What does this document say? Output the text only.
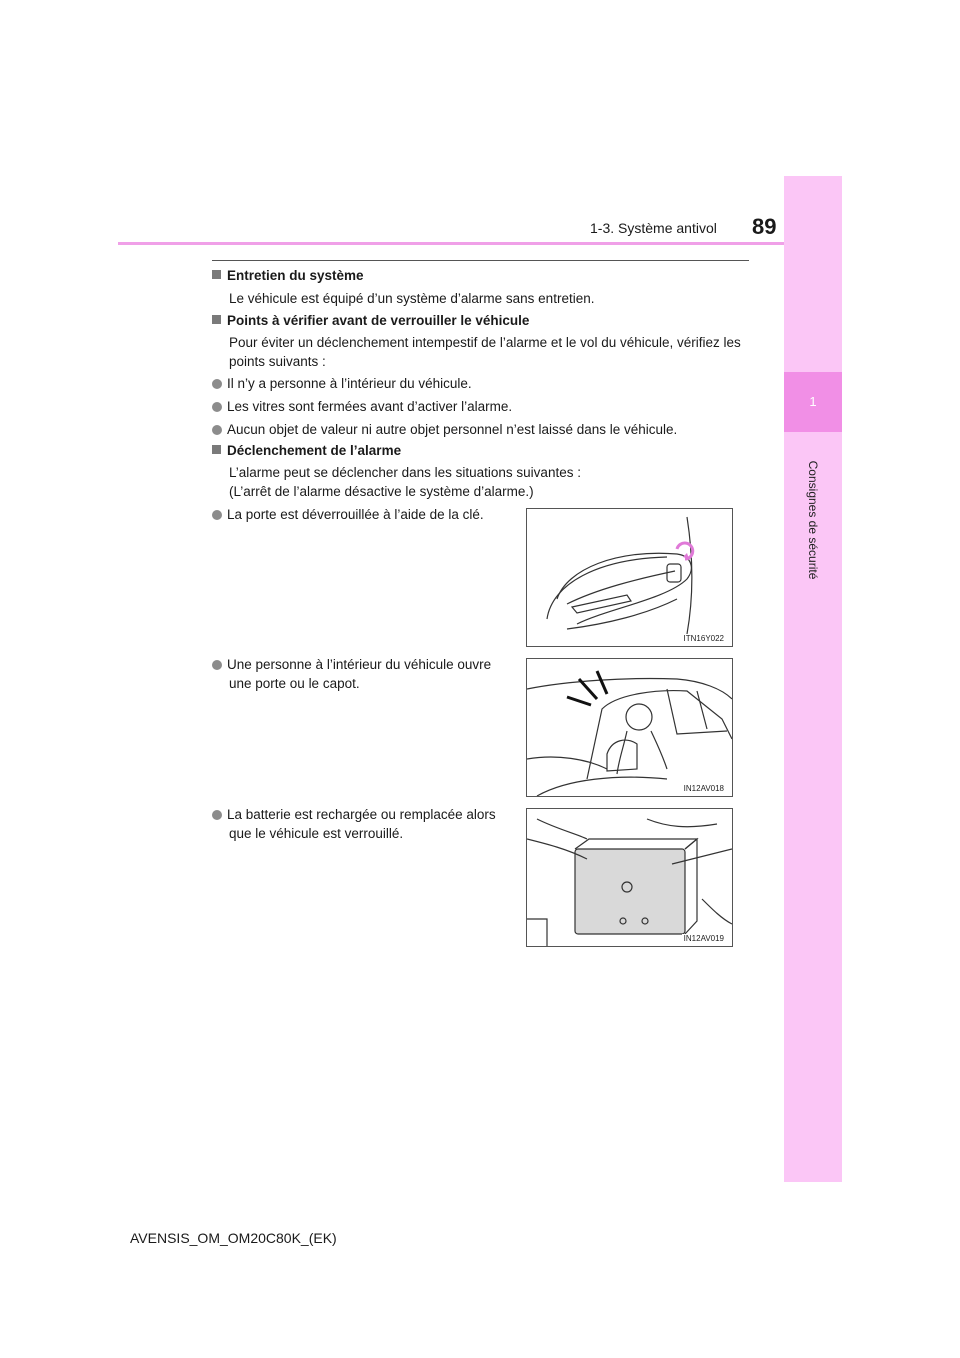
1-3. Système antivol 89
1
Consignes de sécurité
Entretien du système
Le véhicule est équipé d’un système d’alarme sans entretien.
Points à vérifier avant de verrouiller le véhicule
Pour éviter un déclenchement intempestif de l’alarme et le vol du véhicule, vérifiez les
points suivants :
Il n’y a personne à l’intérieur du véhicule.
Les vitres sont fermées avant d’activer l’alarme.
Aucun objet de valeur ni autre objet personnel n’est laissé dans le véhicule.
Déclenchement de l’alarme
L’alarme peut se déclencher dans les situations suivantes :
(L’arrêt de l’alarme désactive le système d’alarme.)
La porte est déverrouillée à l’aide de la clé.
ITN16Y022
Une personne à l’intérieur du véhicule ouvre
une porte ou le capot.
IN12AV018
La batterie est rechargée ou remplacée alors
que le véhicule est verrouillé.
IN12AV019
AVENSIS_OM_OM20C80K_(EK)
